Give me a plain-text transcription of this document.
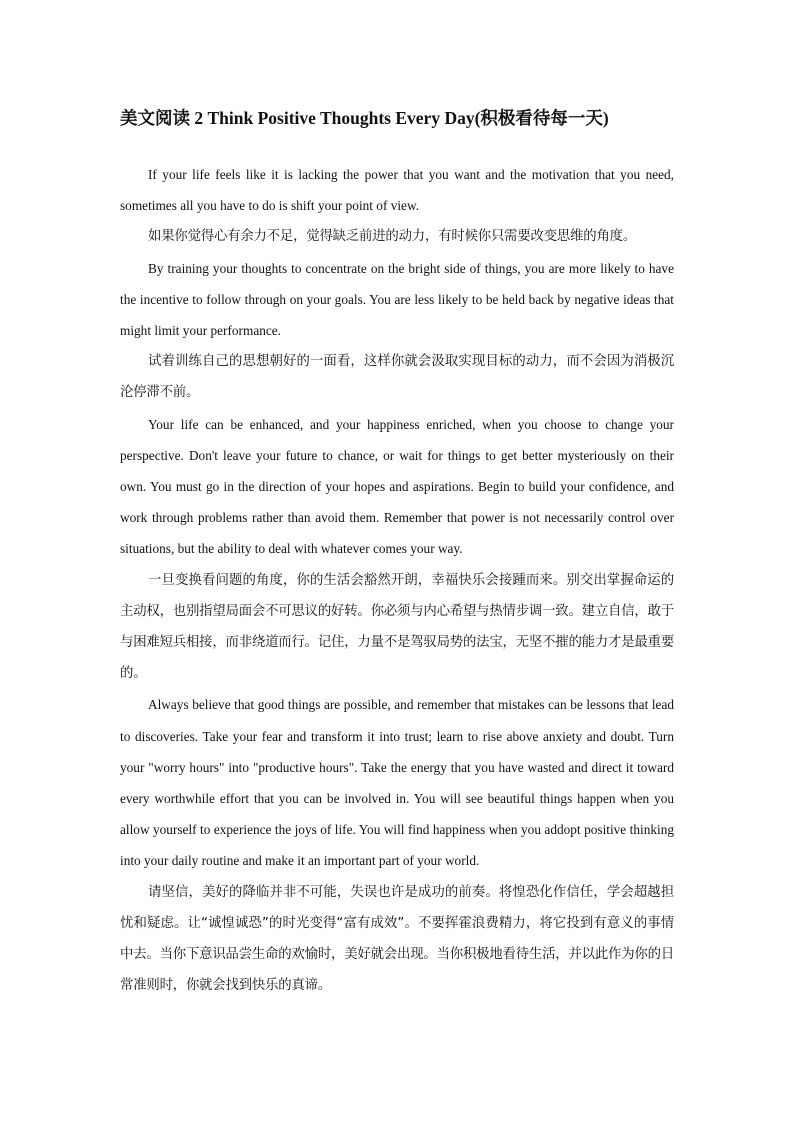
美文阅读 2 Think Positive Thoughts Every Day(积极看待每一天)

If your life feels like it is lacking the power that you want and the motivation that you need, sometimes all you have to do is shift your point of view.

如果你觉得心有余力不足，觉得缺乏前进的动力，有时候你只需要改变思维的角度。

By training your thoughts to concentrate on the bright side of things, you are more likely to have the incentive to follow through on your goals. You are less likely to be held back by negative ideas that might limit your performance.

试着训练自己的思想朝好的一面看，这样你就会汲取实现目标的动力，而不会因为消极沉沦停滞不前。

Your life can be enhanced, and your happiness enriched, when you choose to change your perspective. Don't leave your future to chance, or wait for things to get better mysteriously on their own. You must go in the direction of your hopes and aspirations. Begin to build your confidence, and work through problems rather than avoid them. Remember that power is not necessarily control over situations, but the ability to deal with whatever comes your way.

一旦变换看问题的角度，你的生活会豁然开朗，幸福快乐会接踵而来。别交出掌握命运的主动权，也别指望局面会不可思议的好转。你必须与内心希望与热情步调一致。建立自信，敢于与困难短兵相接，而非绕道而行。记住，力量不是驾驭局势的法宝，无坚不摧的能力才是最重要的。

Always believe that good things are possible, and remember that mistakes can be lessons that lead to discoveries. Take your fear and transform it into trust; learn to rise above anxiety and doubt. Turn your "worry hours" into "productive hours". Take the energy that you have wasted and direct it toward every worthwhile effort that you can be involved in. You will see beautiful things happen when you allow yourself to experience the joys of life. You will find happiness when you addopt positive thinking into your daily routine and make it an important part of your world.

请坚信，美好的降临并非不可能，失误也许是成功的前奏。将惶恐化作信任，学会超越担忧和疑虑。让“诚惶诚恐”的时光变得“富有成效”。不要挥霍浪费精力，将它投到有意义的事情中去。当你下意识品尝生命的欢愉时，美好就会出现。当你积极地看待生活，并以此作为你的日常准则时，你就会找到快乐的真谛。
